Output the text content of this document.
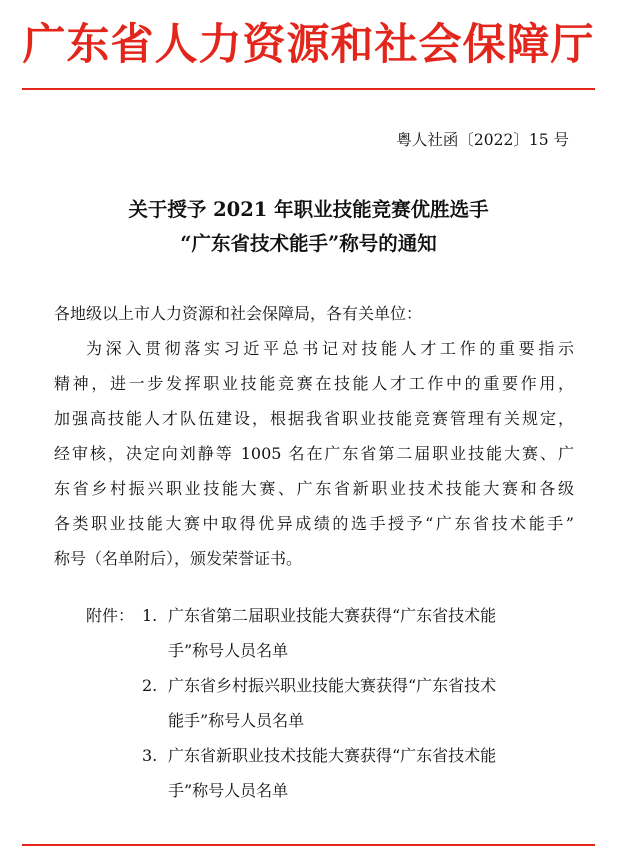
广东省人力资源和社会保障厅
粤人社函〔2022〕15 号
关于授予 2021 年职业技能竞赛优胜选手
“广东省技术能手”称号的通知
各地级以上市人力资源和社会保障局，各有关单位：
为深入贯彻落实习近平总书记对技能人才工作的重要指示
精神，进一步发挥职业技能竞赛在技能人才工作中的重要作用，
加强高技能人才队伍建设，根据我省职业技能竞赛管理有关规定，
经审核，决定向刘静等 1005 名在广东省第二届职业技能大赛、广
东省乡村振兴职业技能大赛、广东省新职业技术技能大赛和各级
各类职业技能大赛中取得优异成绩的选手授予“广东省技术能手”
称号（名单附后），颁发荣誉证书。
附件： 1. 广东省第二届职业技能大赛获得“广东省技术能
手”称号人员名单
2. 广东省乡村振兴职业技能大赛获得“广东省技术
能手”称号人员名单
3. 广东省新职业技术技能大赛获得“广东省技术能
手”称号人员名单
